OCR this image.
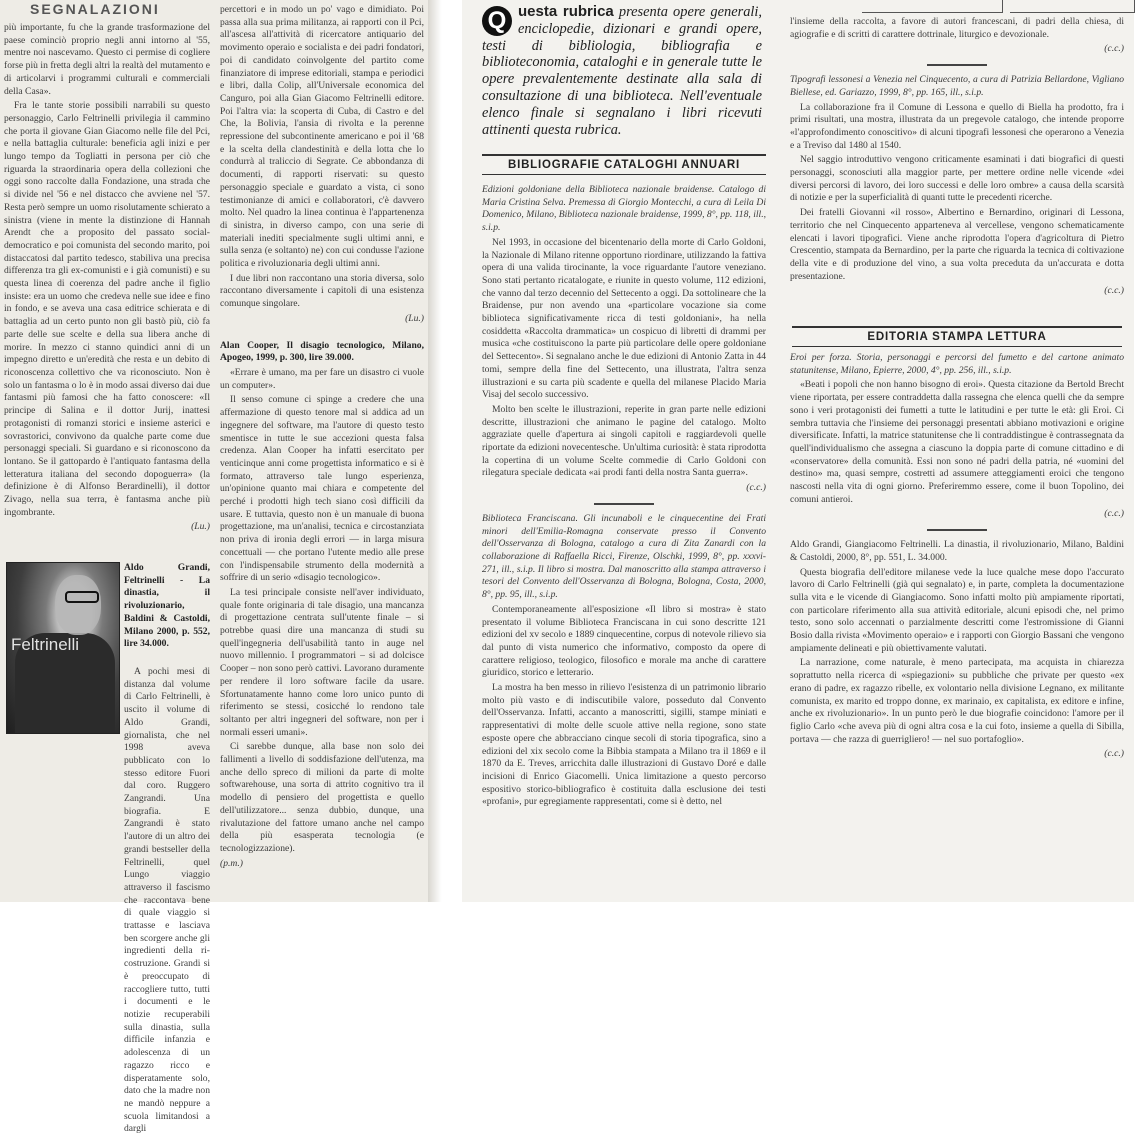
SEGNALAZIONI

più importante, fu che la grande trasformazione del paese cominciò proprio negli anni intorno al '55, mentre noi nascevamo. Questo ci permise di cogliere forse più in fretta degli altri la realtà del mutamento e di articolarvi i programmi culturali e commerciali della Casa».

Fra le tante storie possibili narrabili su questo personaggio, Carlo Feltrinelli privilegia il cammino che porta il giovane Gian Giacomo nelle file del Pci, e nella battaglia culturale: beneficia agli inizi e per lungo tempo da Togliatti in persona per ciò che riguarda la straordinaria opera della collezioni che oggi sono raccolte dalla Fondazione, una strada che si divide nel '56 e nel distacco che avviene nel '57. Resta però sempre un uomo risolutamente schierato a sinistra (viene in mente la distinzione di Hannah Arendt che a proposito del passato social-democratico e poi comunista del secondo marito, poi distaccatosi dal partito tedesco, stabiliva una precisa differenza tra gli ex-comunisti e i già comunisti) e su questa linea di coerenza del padre anche il figlio insiste: era un uomo che credeva nelle sue idee e fino in fondo, e se aveva una casa editrice schierata e di battaglia ad un certo punto non gli bastò più, ciò fa parte delle sue scelte e della sua libera anche di morire. In mezzo ci stanno quindici anni di un impegno diretto e un'eredità che resta e un debito di riconoscenza collettivo che va riconosciuto. Non è solo un fantasma o lo è in modo assai diverso dai due fantasmi più famosi che ha fatto conoscere: «Il principe di Salina e il dottor Jurij, inattesi protagonisti di romanzi storici e insieme asterici e sovrastorici, convivono da qualche parte come due personaggi speciali. Si guardano e si riconoscono da lontano. Se il gattopardo è l'antiquato fantasma della letteratura italiana del secondo dopoguerra» (la definizione è di Alfonso Berardinelli), il dottor Zivago, nella sua terra, è fantasma anche più ingombrante.

(Lu.)

Feltrinelli

Aldo Grandi, Feltrinelli - La dinastia, il rivoluzionario, Baldini & Castoldi, Milano 2000, p. 552, lire 34.000.

A pochi mesi di distanza dal volume di Carlo Feltrinelli, è uscito il volume di Aldo Grandi, giornalista, che nel 1998 aveva pubblicato con lo stesso editore Fuori dal coro. Ruggero Zangrandi. Una biografia. E Zangrandi è stato l'autore di un altro dei grandi bestseller della Feltrinelli, quel Lungo viaggio attraverso il fascismo che raccontava bene di quale viaggio si trattasse e lasciava ben scorgere anche gli ingredienti della ri-costruzione. Grandi si è preoccupato di raccogliere tutto, tutti i documenti e le notizie recuperabili sulla dinastia, sulla difficile infanzia e adolescenza di un ragazzo ricco e disperatamente solo, dato che la madre non ne mandò neppure a scuola limitandosi a dargli

percettori e in modo un po' vago e dimidiato. Poi passa alla sua prima militanza, ai rapporti con il Pci, all'ascesa all'attività di ricercatore antiquario del movimento operaio e socialista e dei padri fondatori, poi di candidato coinvolgente del partito come finanziatore di imprese editoriali, stampa e periodici e libri, dalla Colip, all'Universale economica del Canguro, poi alla Gian Giacomo Feltrinelli editore. Poi l'altra via: la scoperta di Cuba, di Castro e del Che, la Bolivia, l'ansia di rivolta e la perenne repressione del subcontinente americano e poi il '68 e la scelta della clandestinità e della lotta che lo condurrà al traliccio di Segrate. Ce abbondanza di documenti, di rapporti riservati: su questo personaggio speciale e guardato a vista, ci sono testimonianze di amici e collaboratori, c'è davvero molto. Nel quadro la linea continua è l'appartenenza di sinistra, in diverso campo, con una serie di materiali inediti specialmente sugli ultimi anni, e sulla senza (e soltanto) ne) con cui condusse l'azione politica e rivoluzionaria degli ultimi anni.

I due libri non raccontano una storia diversa, solo raccontano diversamente i capitoli di una esistenza comunque singolare.

(Lu.)

Alan Cooper, Il disagio tecnologico, Milano, Apogeo, 1999, p. 300, lire 39.000.

«Errare è umano, ma per fare un disastro ci vuole un computer».

Il senso comune ci spinge a credere che una affermazione di questo tenore mal si addica ad un ingegnere del software, ma l'autore di questo testo smentisce in tutte le sue accezioni questa falsa credenza. Alan Cooper ha infatti esercitato per venticinque anni come progettista informatico e si è formato, attraverso tale lungo esperienza, un'opinione quanto mai chiara e competente del perché i prodotti high tech siano così difficili da usare. E tuttavia, questo non è un manuale di buona progettazione, ma un'analisi, tecnica e circostanziata non priva di ironia degli errori — in larga misura concettuali — che portano l'utente medio alle prese con l'indispensabile strumento della modernità a soffrire di un serio «disagio tecnologico».

La tesi principale consiste nell'aver individuato, quale fonte originaria di tale disagio, una mancanza di progettazione centrata sull'utente finale – si potrebbe quasi dire una mancanza di studi su quell'ingegneria dell'usabilità tanto in auge nel nuovo millennio. I programmatori – si ad dolcisce Cooper – non sono però cattivi. Lavorano duramente per rendere il loro software facile da usare. Sfortunatamente hanno come loro unico punto di riferimento se stessi, cosicché lo rendono tale soltanto per altri ingegneri del software, non per i normali esseri umani».

Ci sarebbe dunque, alla base non solo dei fallimenti a livello di soddisfazione dell'utenza, ma anche dello spreco di milioni da parte di molte softwarehouse, una sorta di attrito cognitivo tra il modello di pensiero del progettista e quello dell'utilizzatore... senza dubbio, dunque, una rivalutazione del fattore umano anche nel campo della più esasperata tecnologia (e tecnologizzazione).

(p.m.)

Q uesta rubrica presenta opere generali, enciclopedie, dizionari e grandi opere, testi di bibliologia, bibliografia e biblioteconomia, cataloghi e in generale tutte le opere prevalentemente destinate alla sala di consultazione di una biblioteca. Nell'eventuale elenco finale si segnalano i libri ricevuti attinenti questa rubrica.
BIBLIOGRAFIE CATALOGHI ANNUARI

Edizioni goldoniane della Biblioteca nazionale braidense. Catalogo di Maria Cristina Selva. Premessa di Giorgio Montecchi, a cura di Leila Di Domenico, Milano, Biblioteca nazionale braidense, 1999, 8°, pp. 118, ill., s.i.p.

Nel 1993, in occasione del bicentenario della morte di Carlo Goldoni, la Nazionale di Milano ritenne opportuno riordinare, utilizzando la fattiva opera di una valida tirocinante, la voce riguardante l'autore veneziano. Sono stati pertanto ricatalogate, e riunite in questo volume, 112 edizioni, che vanno dal terzo decennio del Settecento a oggi. Da sottolineare che la Braidense, pur non avendo una «particolare vocazione sia come biblioteca significativamente ricca di testi goldoniani», ha nella cosiddetta «Raccolta drammatica» un cospicuo di libretti di drammi per musica «che costituiscono la parte più particolare delle opere goldoniane del Settecento». Si segnalano anche le due edizioni di Antonio Zatta in 44 tomi, sempre della fine del Settecento, una illustrata, l'altra senza illustrazioni e su carta più scadente e quella del milanese Placido Maria Visaj del secolo successivo.

Molto ben scelte le illustrazioni, reperite in gran parte nelle edizioni descritte, illustrazioni che animano le pagine del catalogo. Molto aggraziate quelle d'apertura ai singoli capitoli e raggiardevoli quelle riportate da edizioni novecentesche. Un'ultima curiosità: è stata riprodotta la copertina di un volume Scelte commedie di Carlo Goldoni con rilegatura speciale dedicata «ai prodi fanti della nostra Santa guerra».

(c.c.)

Biblioteca Franciscana. Gli incunaboli e le cinquecentine dei Frati minori dell'Emilia-Romagna conservate presso il Convento dell'Osservanza di Bologna, catalogo a cura di Zita Zanardi con la collaborazione di Raffaella Ricci, Firenze, Olschki, 1999, 8°, pp. xxxvi-271, ill., s.i.p. Il libro si mostra. Dal manoscritto alla stampa attraverso i tesori del Convento dell'Osservanza di Bologna, Bologna, Costa, 2000, 8°, pp. 95, ill., s.i.p.

Contemporaneamente all'esposizione «Il libro si mostra» è stato presentato il volume Biblioteca Franciscana in cui sono descritte 121 edizioni del xv secolo e 1889 cinquecentine, corpus di notevole rilievo sia dal punto di vista numerico che informativo, composto da opere di carattere religioso, teologico, filosofico e morale ma anche di carattere giuridico, storico e letterario.

La mostra ha ben messo in rilievo l'esistenza di un patrimonio librario molto più vasto e di indiscutibile valore, posseduto dal Convento dell'Osservanza. Infatti, accanto a manoscritti, sigilli, stampe miniati e rappresentativi di molte delle scuole attive nella regione, sono state esposte opere che abbracciano cinque secoli di storia tipografica, sino a edizioni del xix secolo come la Bibbia stampata a Milano tra il 1869 e il 1870 da E. Treves, arricchita dalle illustrazioni di Gustavo Doré e dalle incisioni di Enrico Giacomelli. Unica limitazione a questo percorso espositivo storico-bibliografico è costituita dalla esclusione dei testi «profani», pur egregiamente rappresentati, come si è detto, nel

l'insieme della raccolta, a favore di autori francescani, di padri della chiesa, di agiografie e di scritti di carattere dottrinale, liturgico e devozionale.

(c.c.)

Tipografi lessonesi a Venezia nel Cinquecento, a cura di Patrizia Bellardone, Vigliano Biellese, ed. Gariazzo, 1999, 8°, pp. 165, ill., s.i.p.

La collaborazione fra il Comune di Lessona e quello di Biella ha prodotto, fra i primi risultati, una mostra, illustrata da un pregevole catalogo, che intende proporre «l'approfondimento conoscitivo» di alcuni tipografi lessonesi che operarono a Venezia e a Treviso dal 1480 al 1540.

Nel saggio introduttivo vengono criticamente esaminati i dati biografici di questi personaggi, sconosciuti alla maggior parte, per mettere ordine nelle vicende «dei diversi percorsi di lavoro, dei loro successi e delle loro ombre» a causa della scarsità di notizie e per la superficialità di quanti tutte le precedenti ricerche.

Dei fratelli Giovanni «il rosso», Albertino e Bernardino, originari di Lessona, territorio che nel Cinquecento apparteneva al vercellese, vengono schematicamente elencati i lavori tipografici. Viene anche riprodotta l'opera d'agricoltura di Pietro Crescentio, stampata da Bernardino, per la parte che riguarda la tecnica di coltivazione della vite e di produzione del vino, a sua volta preceduta da un'accurata e dotta presentazione.

(c.c.)

EDITORIA STAMPA LETTURA

Eroi per forza. Storia, personaggi e percorsi del fumetto e del cartone animato statunitense, Milano, Epierre, 2000, 4°, pp. 256, ill., s.i.p.

«Beati i popoli che non hanno bisogno di eroi». Questa citazione da Bertold Brecht viene riportata, per essere contraddetta dalla rassegna che elenca quelli che da sempre sono i veri protagonisti dei fumetti a tutte le latitudini e per tutte le età: gli Eroi. Ci sembra tuttavia che l'insieme dei personaggi presentati abbiano motivazioni e origine diversificate. Infatti, la matrice statunitense che li contraddistingue è contrassegnata da quell'individualismo che assegna a ciascuno la doppia parte di comune cittadino e di «conservatore» della comunità. Essi non sono né padri della patria, né «uomini del destino» ma, quasi sempre, costretti ad assumere atteggiamenti eroici che tengono nascosti nella vita di ogni giorno. Preferiremmo essere, come il buon Topolino, dei comuni antieroi.

(c.c.)

Aldo Grandi, Giangiacomo Feltrinelli. La dinastia, il rivoluzionario, Milano, Baldini & Castoldi, 2000, 8°, pp. 551, L. 34.000.

Questa biografia dell'editore milanese vede la luce qualche mese dopo l'accurato lavoro di Carlo Feltrinelli (già qui segnalato) e, in parte, completa la documentazione sulla vita e le vicende di Giangiacomo. Sono infatti molto più ampiamente riportati, con particolare riferimento alla sua attività editoriale, alcuni episodi che, nel primo testo, sono solo accennati o parzialmente descritti come l'estromissione di Gianni Bosio dalla rivista «Movimento operaio» e i rapporti con Giorgio Bassani che vengono ampiamente delineati e più obiettivamente valutati.

La narrazione, come naturale, è meno partecipata, ma acquista in chiarezza soprattutto nella ricerca di «spiegazioni» su pubbliche che private per questo «ex erano di padre, ex ragazzo ribelle, ex volontario nella divisione Legnano, ex militante comunista, ex marito ed troppo donne, ex marinaio, ex capitalista, ex editore e infine, anche ex rivoluzionario». In un punto però le due biografie coincidono: l'amore per il figlio Carlo «che aveva più di ogni altra cosa e la cui foto, insieme a quella di Sibilla, portava — che razza di guerrigliero! — nel suo portafoglio».

(c.c.)
